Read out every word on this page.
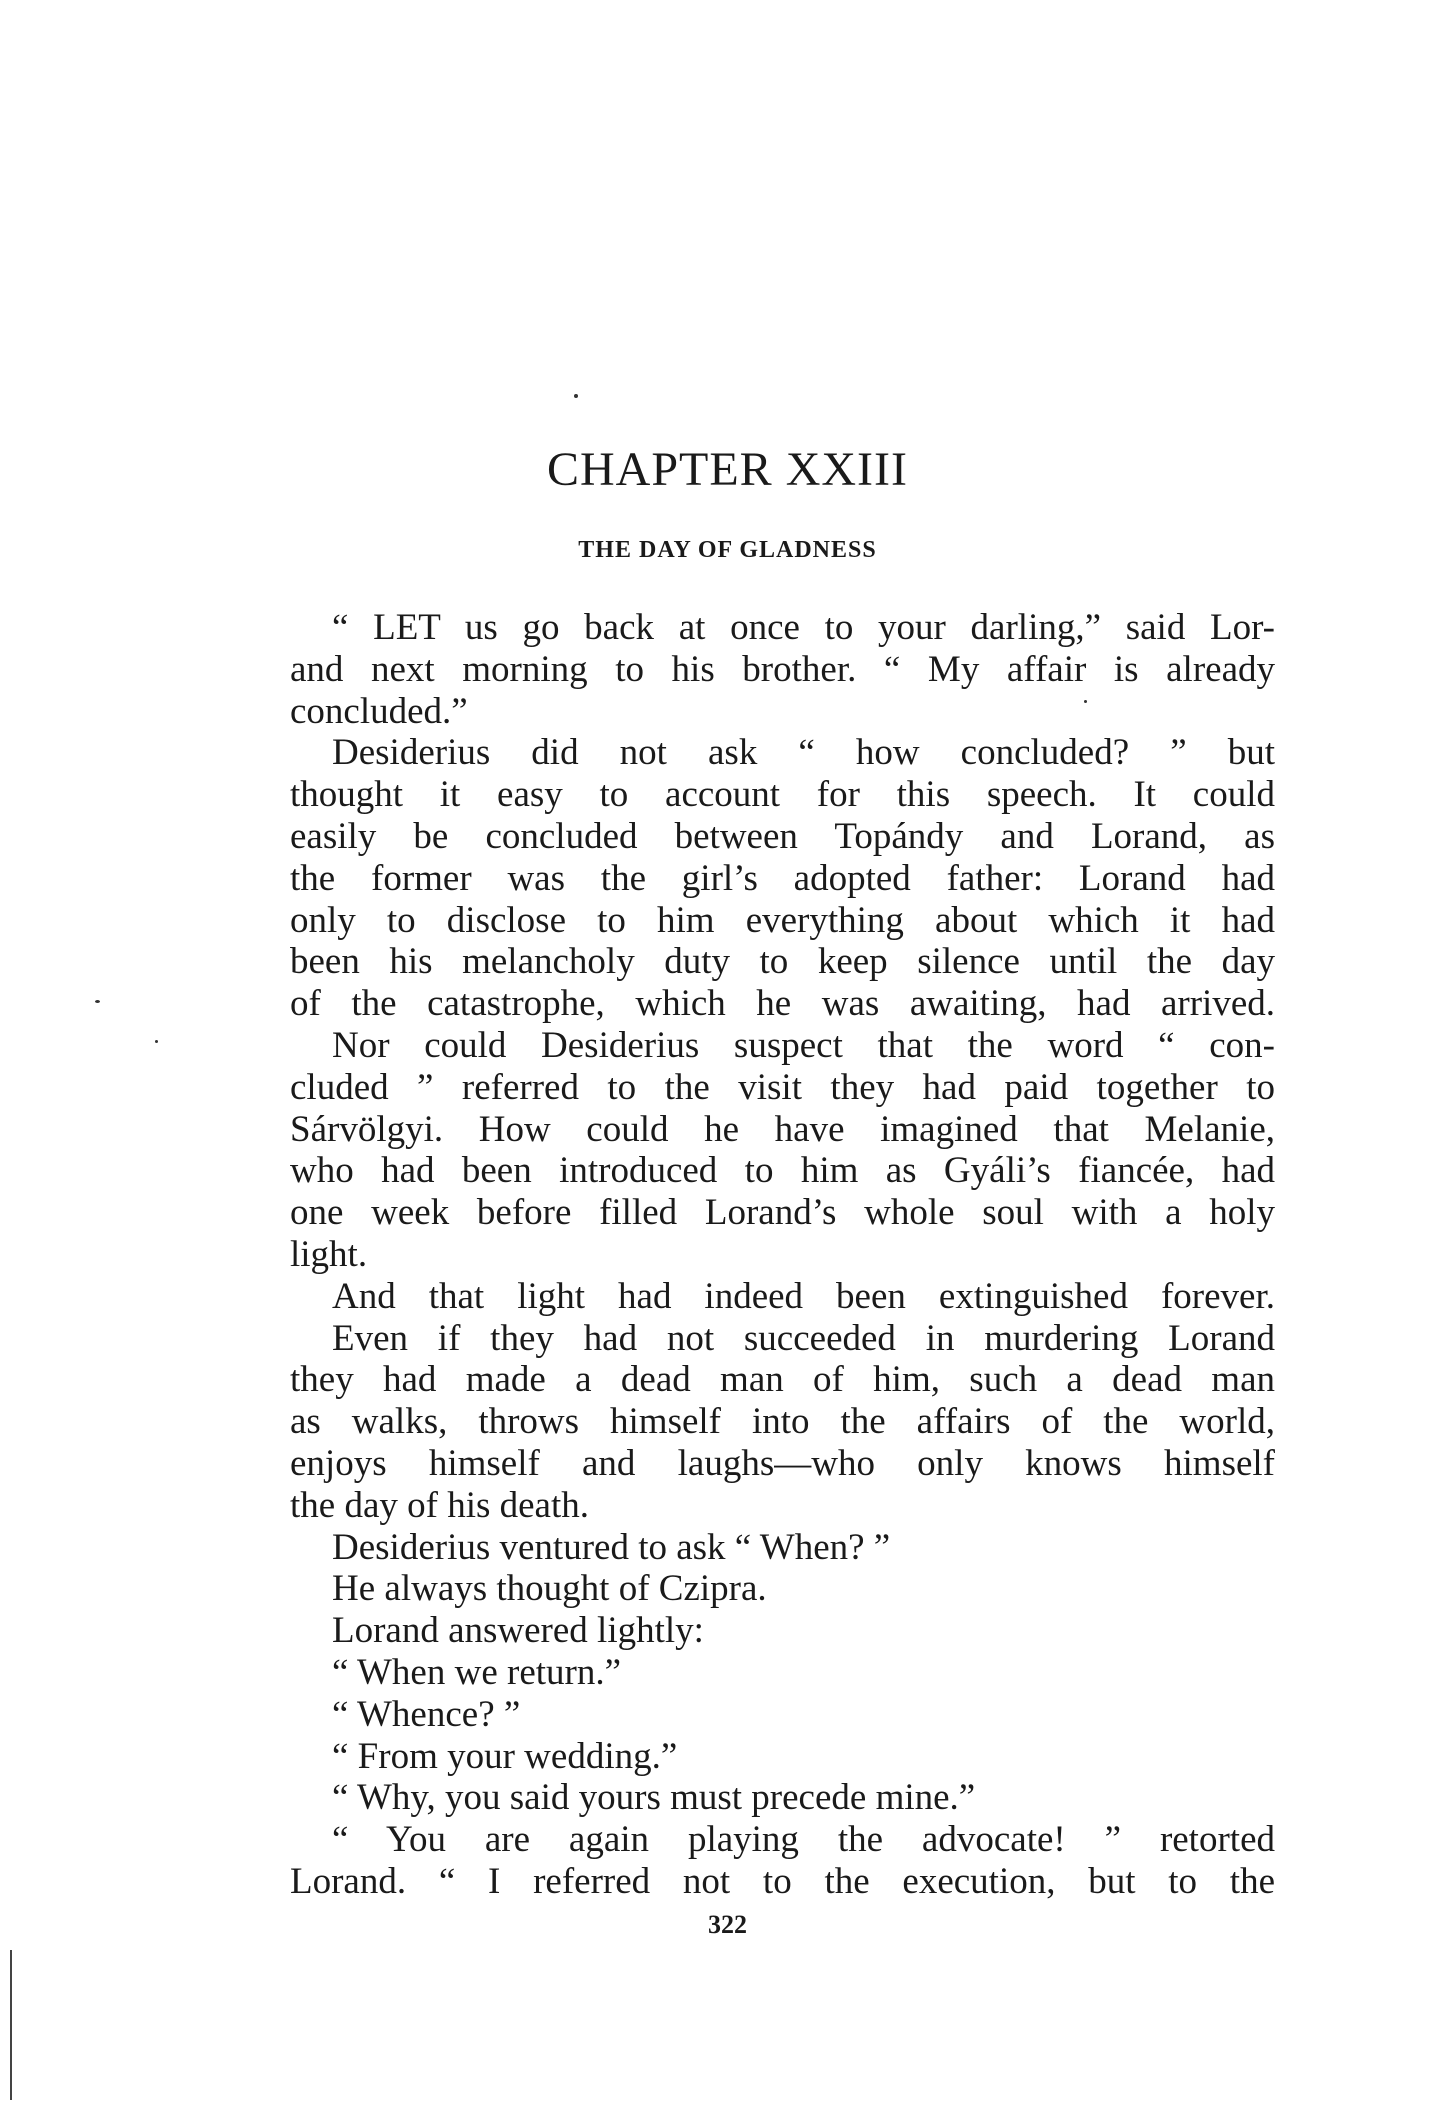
CHAPTER XXIII
THE DAY OF GLADNESS
“ LET us go back at once to your darling,” said Lor-
and next morning to his brother. “ My affair is already
concluded.”
Desiderius did not ask “ how concluded? ” but
thought it easy to account for this speech. It could
easily be concluded between Topándy and Lorand, as
the former was the girl’s adopted father: Lorand had
only to disclose to him everything about which it had
been his melancholy duty to keep silence until the day
of the catastrophe, which he was awaiting, had arrived.
Nor could Desiderius suspect that the word “ con-
cluded ” referred to the visit they had paid together to
Sárvölgyi. How could he have imagined that Melanie,
who had been introduced to him as Gyáli’s fiancée, had
one week before filled Lorand’s whole soul with a holy
light.
And that light had indeed been extinguished forever.
Even if they had not succeeded in murdering Lorand
they had made a dead man of him, such a dead man
as walks, throws himself into the affairs of the world,
enjoys himself and laughs—who only knows himself
the day of his death.
Desiderius ventured to ask “ When? ”
He always thought of Czipra.
Lorand answered lightly:
“ When we return.”
“ Whence? ”
“ From your wedding.”
“ Why, you said yours must precede mine.”
“ You are again playing the advocate! ” retorted
Lorand. “ I referred not to the execution, but to the
322
